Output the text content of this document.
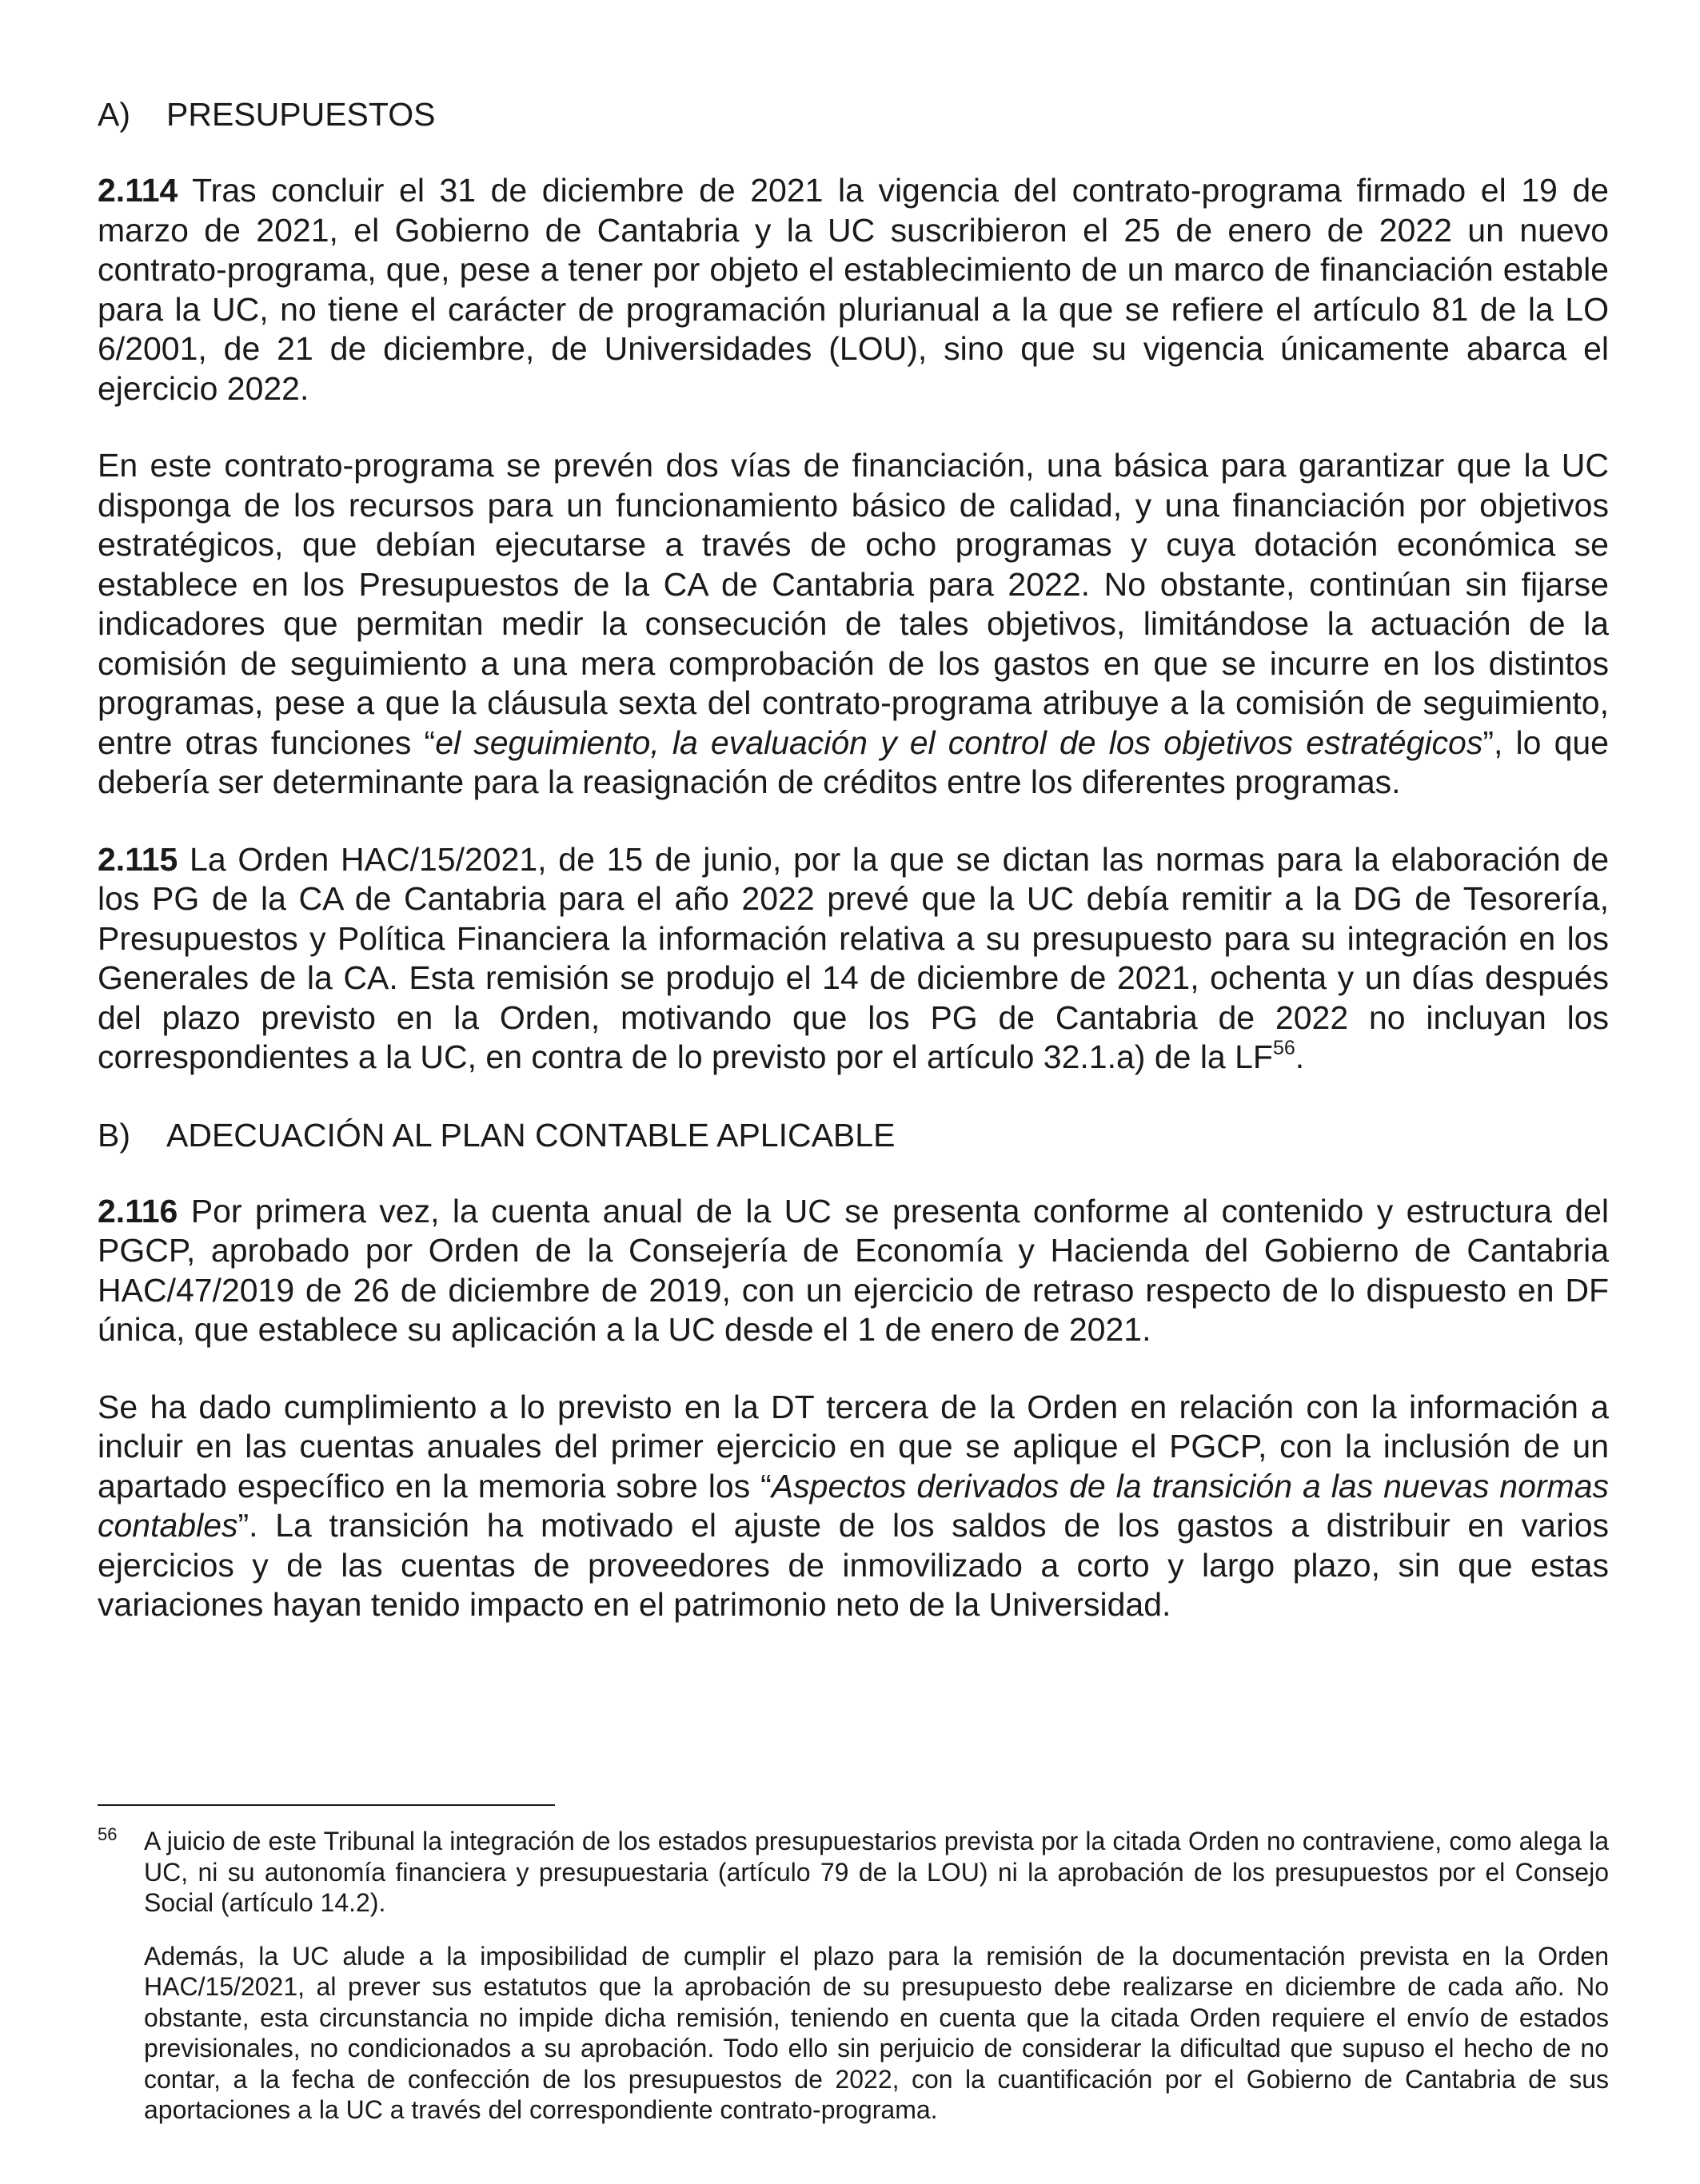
A)	PRESUPUESTOS

2.114 Tras concluir el 31 de diciembre de 2021 la vigencia del contrato-programa firmado el 19 de marzo de 2021, el Gobierno de Cantabria y la UC suscribieron el 25 de enero de 2022 un nuevo contrato-programa, que, pese a tener por objeto el establecimiento de un marco de financiación estable para la UC, no tiene el carácter de programación plurianual a la que se refiere el artículo 81 de la LO 6/2001, de 21 de diciembre, de Universidades (LOU), sino que su vigencia únicamente abarca el ejercicio 2022.

En este contrato-programa se prevén dos vías de financiación, una básica para garantizar que la UC disponga de los recursos para un funcionamiento básico de calidad, y una financiación por objetivos estratégicos, que debían ejecutarse a través de ocho programas y cuya dotación económica se establece en los Presupuestos de la CA de Cantabria para 2022. No obstante, continúan sin fijarse indicadores que permitan medir la consecución de tales objetivos, limitándose la actuación de la comisión de seguimiento a una mera comprobación de los gastos en que se incurre en los distintos programas, pese a que la cláusula sexta del contrato-programa atribuye a la comisión de seguimiento, entre otras funciones “el seguimiento, la evaluación y el control de los objetivos estratégicos”, lo que debería ser determinante para la reasignación de créditos entre los diferentes programas.

2.115 La Orden HAC/15/2021, de 15 de junio, por la que se dictan las normas para la elaboración de los PG de la CA de Cantabria para el año 2022 prevé que la UC debía remitir a la DG de Tesorería, Presupuestos y Política Financiera la información relativa a su presupuesto para su integración en los Generales de la CA. Esta remisión se produjo el 14 de diciembre de 2021, ochenta y un días después del plazo previsto en la Orden, motivando que los PG de Cantabria de 2022 no incluyan los correspondientes a la UC, en contra de lo previsto por el artículo 32.1.a) de la LF$^{56}$.

B)	ADECUACIÓN AL PLAN CONTABLE APLICABLE

2.116 Por primera vez, la cuenta anual de la UC se presenta conforme al contenido y estructura del PGCP, aprobado por Orden de la Consejería de Economía y Hacienda del Gobierno de Cantabria HAC/47/2019 de 26 de diciembre de 2019, con un ejercicio de retraso respecto de lo dispuesto en DF única, que establece su aplicación a la UC desde el 1 de enero de 2021.

Se ha dado cumplimiento a lo previsto en la DT tercera de la Orden en relación con la información a incluir en las cuentas anuales del primer ejercicio en que se aplique el PGCP, con la inclusión de un apartado específico en la memoria sobre los “Aspectos derivados de la transición a las nuevas normas contables”. La transición ha motivado el ajuste de los saldos de los gastos a distribuir en varios ejercicios y de las cuentas de proveedores de inmovilizado a corto y largo plazo, sin que estas variaciones hayan tenido impacto en el patrimonio neto de la Universidad.

56 A juicio de este Tribunal la integración de los estados presupuestarios prevista por la citada Orden no contraviene, como alega la UC, ni su autonomía financiera y presupuestaria (artículo 79 de la LOU) ni la aprobación de los presupuestos por el Consejo Social (artículo 14.2).

Además, la UC alude a la imposibilidad de cumplir el plazo para la remisión de la documentación prevista en la Orden HAC/15/2021, al prever sus estatutos que la aprobación de su presupuesto debe realizarse en diciembre de cada año. No obstante, esta circunstancia no impide dicha remisión, teniendo en cuenta que la citada Orden requiere el envío de estados previsionales, no condicionados a su aprobación. Todo ello sin perjuicio de considerar la dificultad que supuso el hecho de no contar, a la fecha de confección de los presupuestos de 2022, con la cuantificación por el Gobierno de Cantabria de sus aportaciones a la UC a través del correspondiente contrato-programa.
